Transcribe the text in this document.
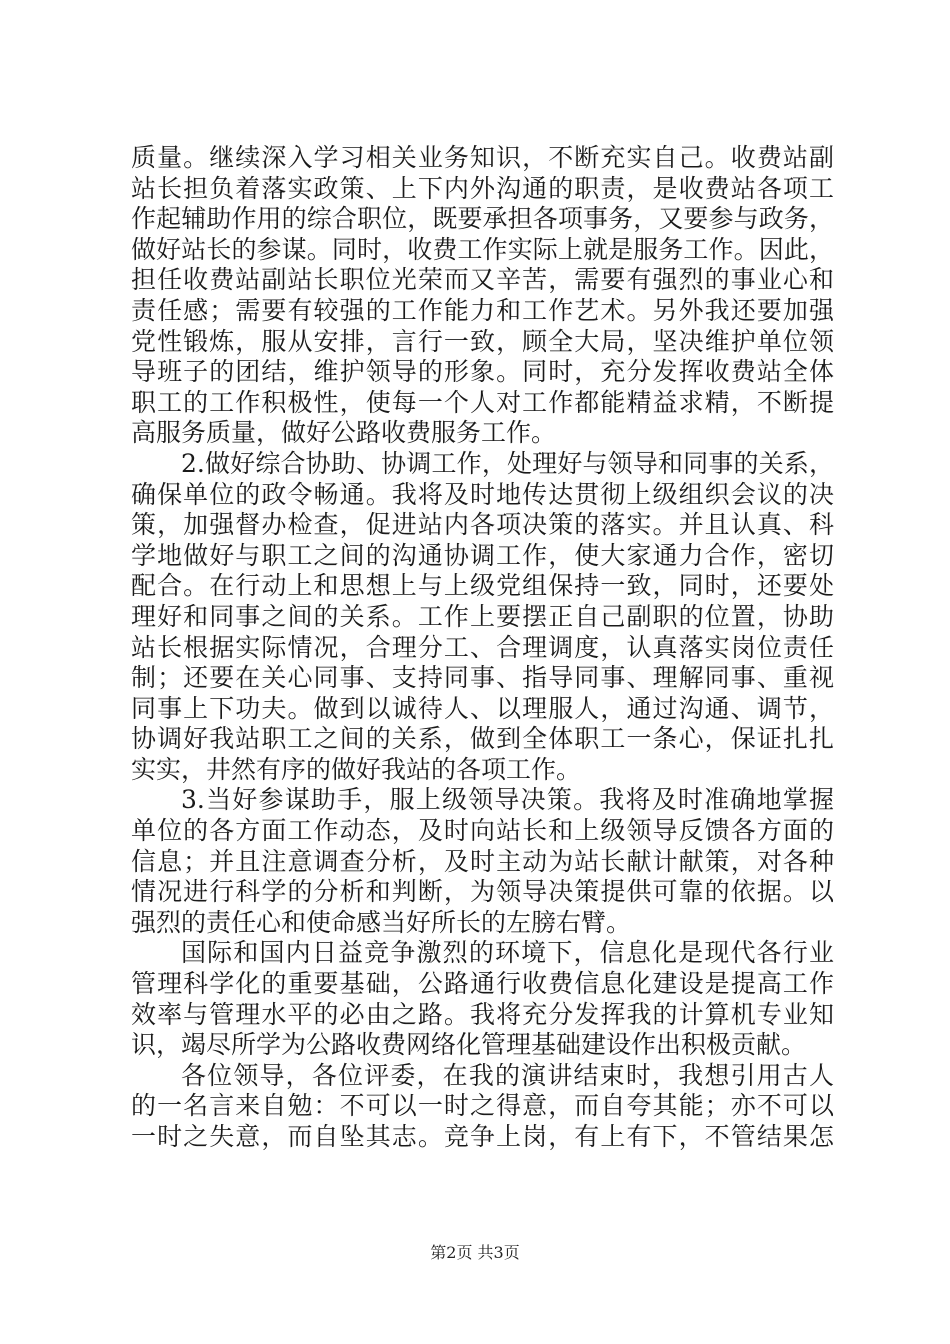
质量。继续深入学习相关业务知识，不断充实自己。收费站副
站长担负着落实政策、上下内外沟通的职责，是收费站各项工
作起辅助作用的综合职位，既要承担各项事务，又要参与政务，
做好站长的参谋。同时，收费工作实际上就是服务工作。因此，
担任收费站副站长职位光荣而又辛苦，需要有强烈的事业心和
责任感；需要有较强的工作能力和工作艺术。另外我还要加强
党性锻炼，服从安排，言行一致，顾全大局，坚决维护单位领
导班子的团结，维护领导的形象。同时，充分发挥收费站全体
职工的工作积极性，使每一个人对工作都能精益求精，不断提
高服务质量，做好公路收费服务工作。
2.做好综合协助、协调工作，处理好与领导和同事的关系，
确保单位的政令畅通。我将及时地传达贯彻上级组织会议的决
策，加强督办检查，促进站内各项决策的落实。并且认真、科
学地做好与职工之间的沟通协调工作，使大家通力合作，密切
配合。在行动上和思想上与上级党组保持一致，同时，还要处
理好和同事之间的关系。工作上要摆正自己副职的位置，协助
站长根据实际情况，合理分工、合理调度，认真落实岗位责任
制；还要在关心同事、支持同事、指导同事、理解同事、重视
同事上下功夫。做到以诚待人、以理服人，通过沟通、调节，
协调好我站职工之间的关系，做到全体职工一条心，保证扎扎
实实，井然有序的做好我站的各项工作。
3.当好参谋助手，服上级领导决策。我将及时准确地掌握
单位的各方面工作动态，及时向站长和上级领导反馈各方面的
信息；并且注意调查分析，及时主动为站长献计献策，对各种
情况进行科学的分析和判断，为领导决策提供可靠的依据。以
强烈的责任心和使命感当好所长的左膀右臂。
国际和国内日益竞争激烈的环境下，信息化是现代各行业
管理科学化的重要基础，公路通行收费信息化建设是提高工作
效率与管理水平的必由之路。我将充分发挥我的计算机专业知
识，竭尽所学为公路收费网络化管理基础建设作出积极贡献。
各位领导，各位评委，在我的演讲结束时，我想引用古人
的一名言来自勉：不可以一时之得意，而自夸其能；亦不可以
一时之失意，而自坠其志。竞争上岗，有上有下，不管结果怎
第2页 共3页
